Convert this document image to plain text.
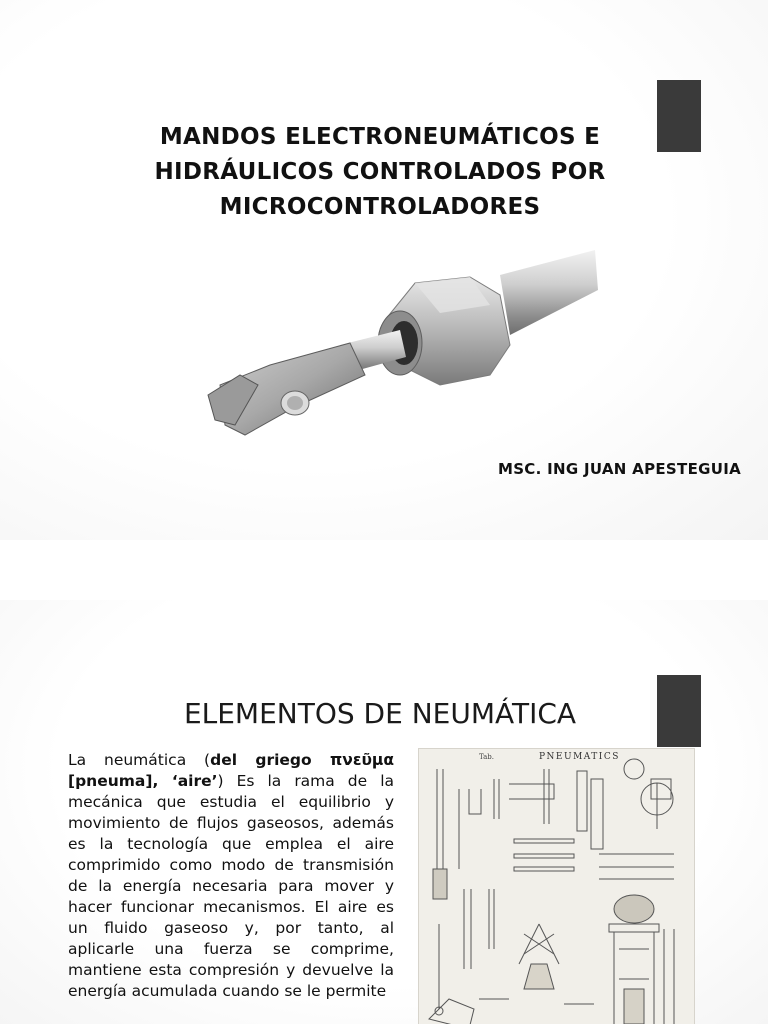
MANDOS ELECTRONEUMÁTICOS E
HIDRÁULICOS CONTROLADOS POR
MICROCONTROLADORES
MSC. ING JUAN APESTEGUIA
ELEMENTOS DE NEUMÁTICA
La neumática (del griego πνεῦμα [pneuma], ‘aire’) Es la rama de la mecánica que estudia el equilibrio y movimiento de flujos gaseosos, además es la tecnología que emplea el aire comprimido como modo de transmisión de la energía necesaria para mover y hacer funcionar mecanismos. El aire es un fluido gaseoso y, por tanto, al aplicarle una fuerza se comprime, mantiene esta compresión y devuelve la energía acumulada cuando se le permite
Tab.	PNEUMATICS
